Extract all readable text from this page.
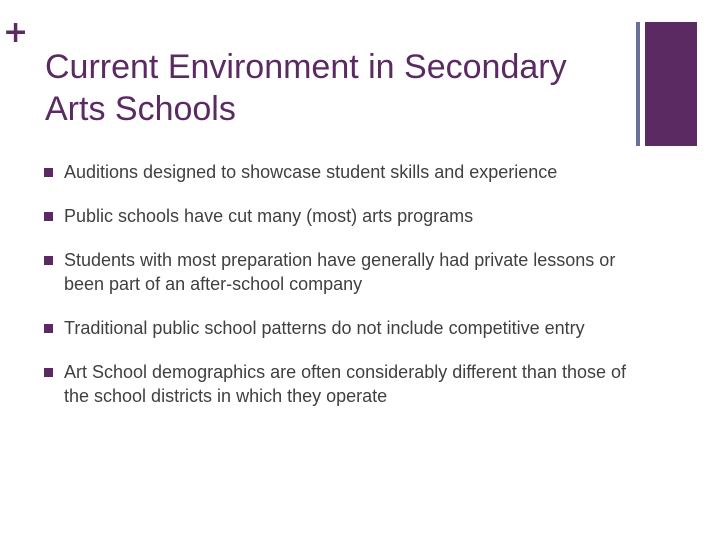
+
Current Environment in Secondary
Arts Schools
Auditions designed to showcase student skills and experience
Public schools have cut many (most) arts programs
Students with most preparation have generally had private lessons or been part of an after-school company
Traditional public school patterns do not include competitive entry
Art School demographics are often considerably different than those of the school districts in which they operate
